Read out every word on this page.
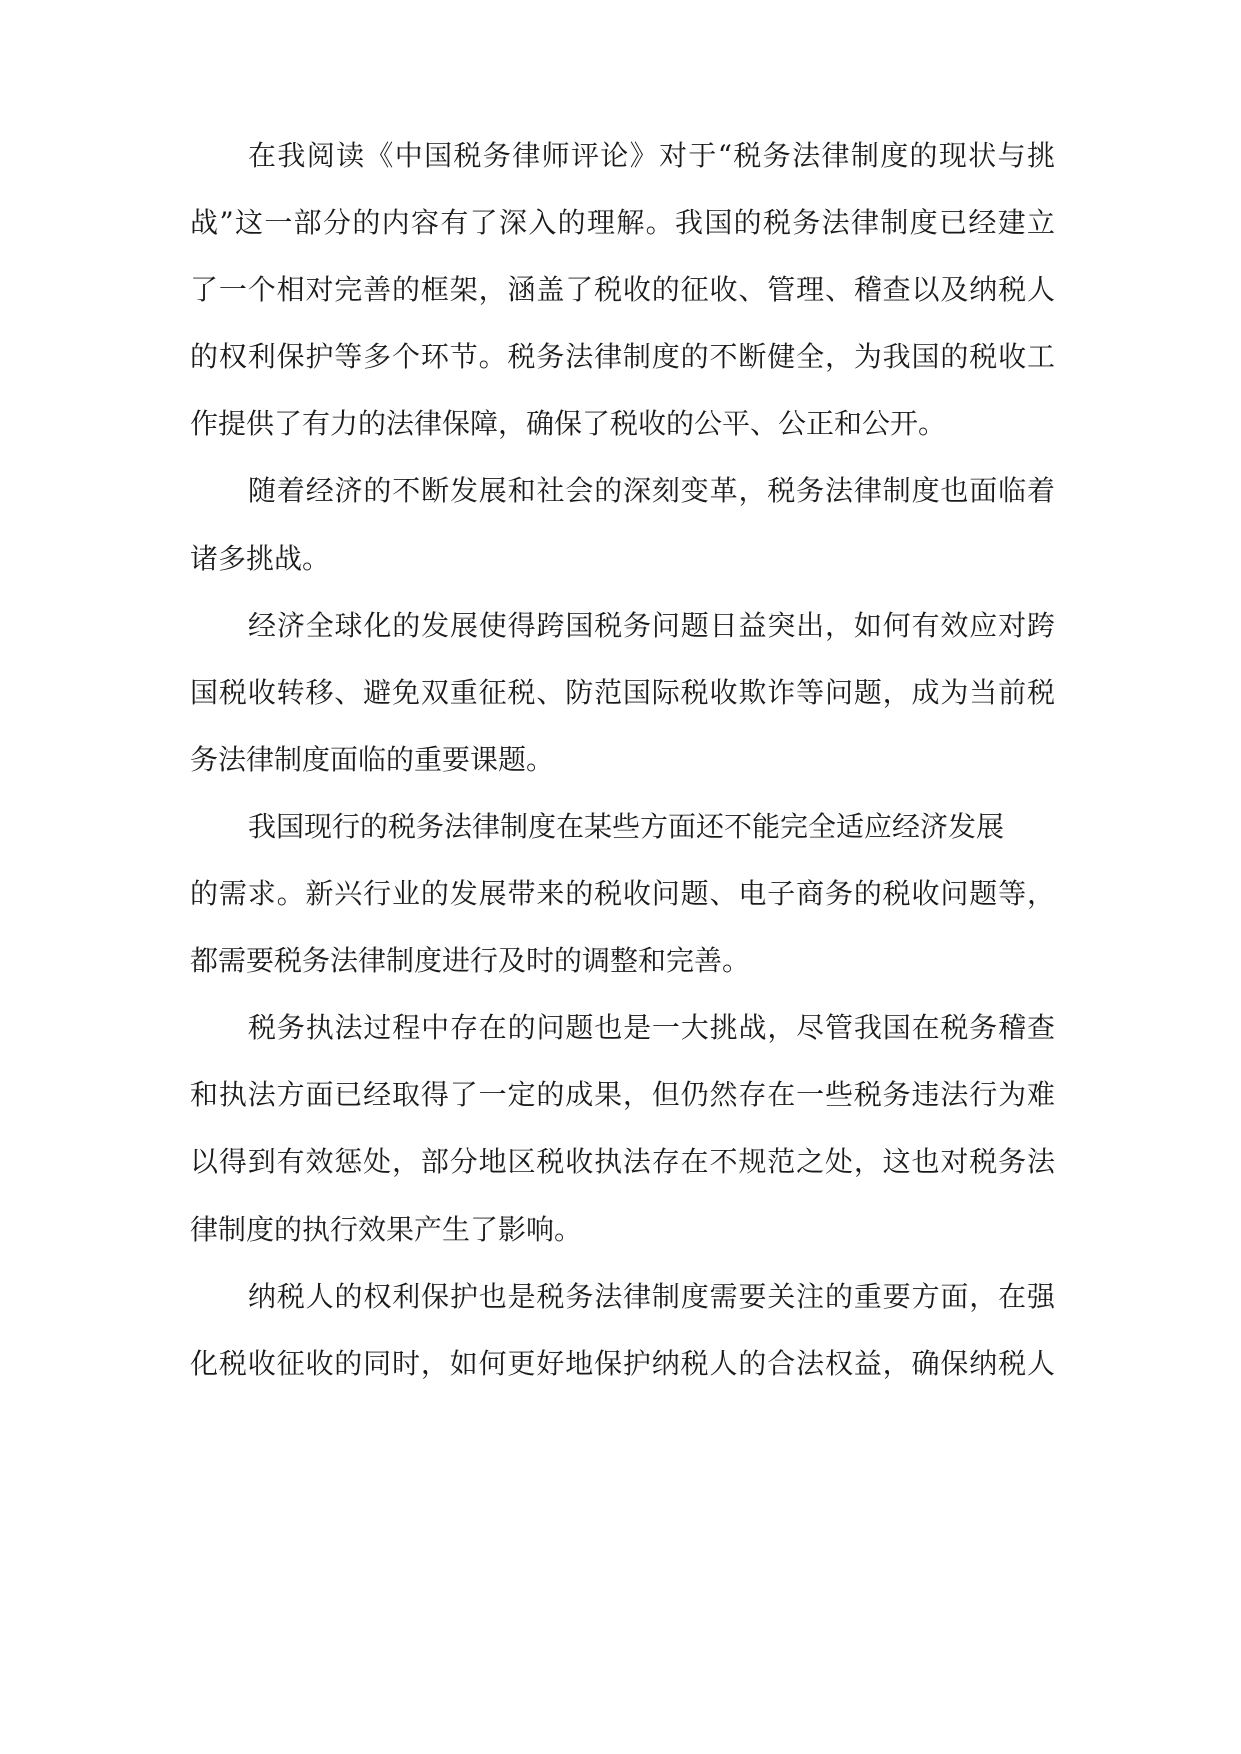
在我阅读《中国税务律师评论》对于“税务法律制度的现状与挑
战”这一部分的内容有了深入的理解。我国的税务法律制度已经建立
了一个相对完善的框架，涵盖了税收的征收、管理、稽查以及纳税人
的权利保护等多个环节。税务法律制度的不断健全，为我国的税收工
作提供了有力的法律保障，确保了税收的公平、公正和公开。
随着经济的不断发展和社会的深刻变革，税务法律制度也面临着
诸多挑战。
经济全球化的发展使得跨国税务问题日益突出，如何有效应对跨
国税收转移、避免双重征税、防范国际税收欺诈等问题，成为当前税
务法律制度面临的重要课题。
我国现行的税务法律制度在某些方面还不能完全适应经济发展
的需求。新兴行业的发展带来的税收问题、电子商务的税收问题等，
都需要税务法律制度进行及时的调整和完善。
税务执法过程中存在的问题也是一大挑战，尽管我国在税务稽查
和执法方面已经取得了一定的成果，但仍然存在一些税务违法行为难
以得到有效惩处，部分地区税收执法存在不规范之处，这也对税务法
律制度的执行效果产生了影响。
纳税人的权利保护也是税务法律制度需要关注的重要方面，在强
化税收征收的同时，如何更好地保护纳税人的合法权益，确保纳税人
